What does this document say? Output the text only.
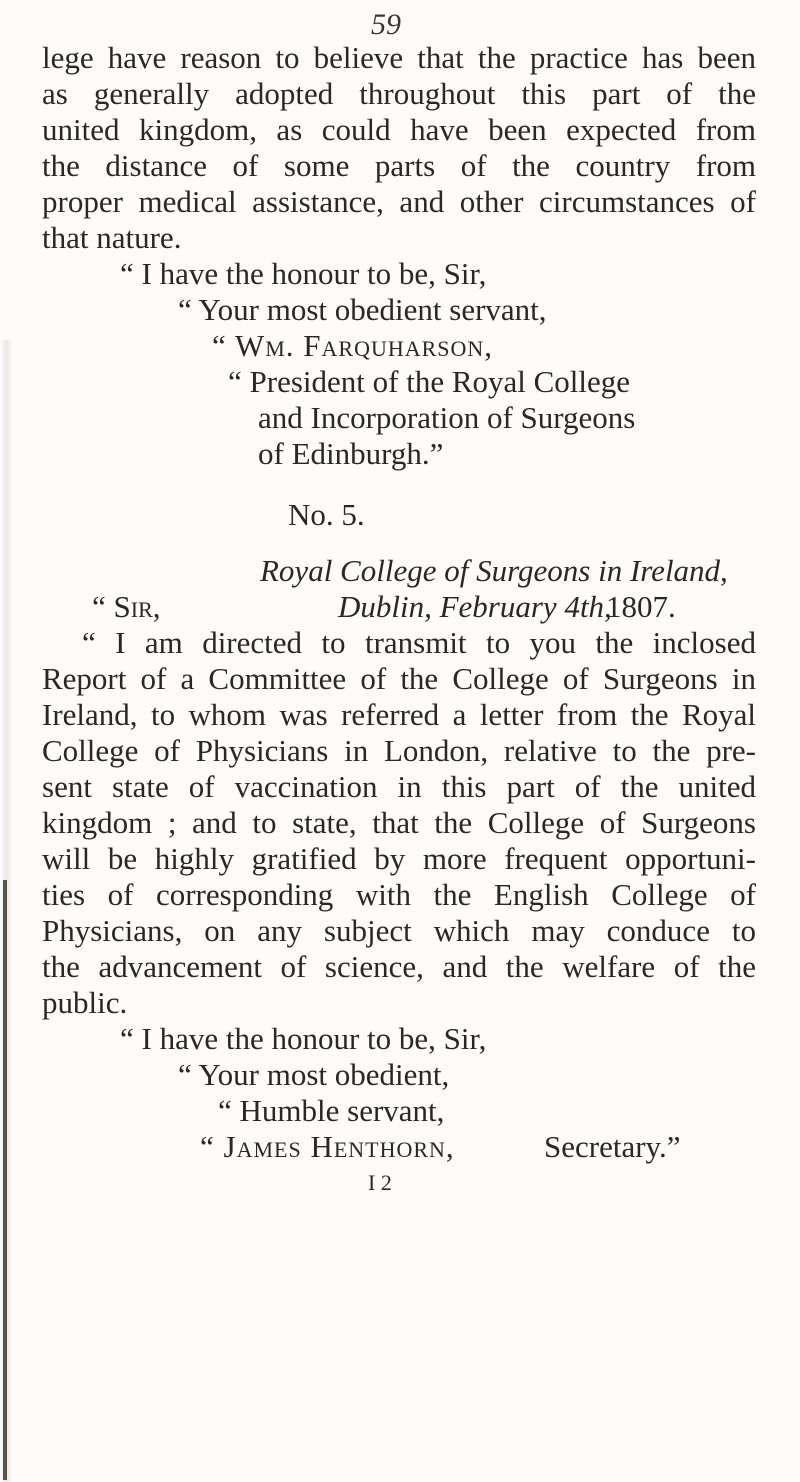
59
lege have reason to believe that the practice has been
as generally adopted throughout this part of the
united kingdom, as could have been expected from
the distance of some parts of the country from
proper medical assistance, and other circumstances of
that nature.
“ I have the honour to be, Sir,
“ Your most obedient servant,
“ Wm. Farquharson,
“ President of the Royal College
and Incorporation of Surgeons
of Edinburgh.”
No. 5.
Royal College of Surgeons in Ireland,
“ Sir,	Dublin, February 4th,
1807.
“ I am directed to transmit to you the inclosed
Report of a Committee of the College of Surgeons in
Ireland, to whom was referred a letter from the Royal
College of Physicians in London, relative to the pre-
sent state of vaccination in this part of the united
kingdom ; and to state, that the College of Surgeons
will be highly gratified by more frequent opportuni-
ties of corresponding with the English College of
Physicians, on any subject which may conduce to
the advancement of science, and the welfare of the
public.
“ I have the honour to be, Sir,
“ Your most obedient,
“ Humble servant,
“ James Henthorn,	Secretary.”
I 2
